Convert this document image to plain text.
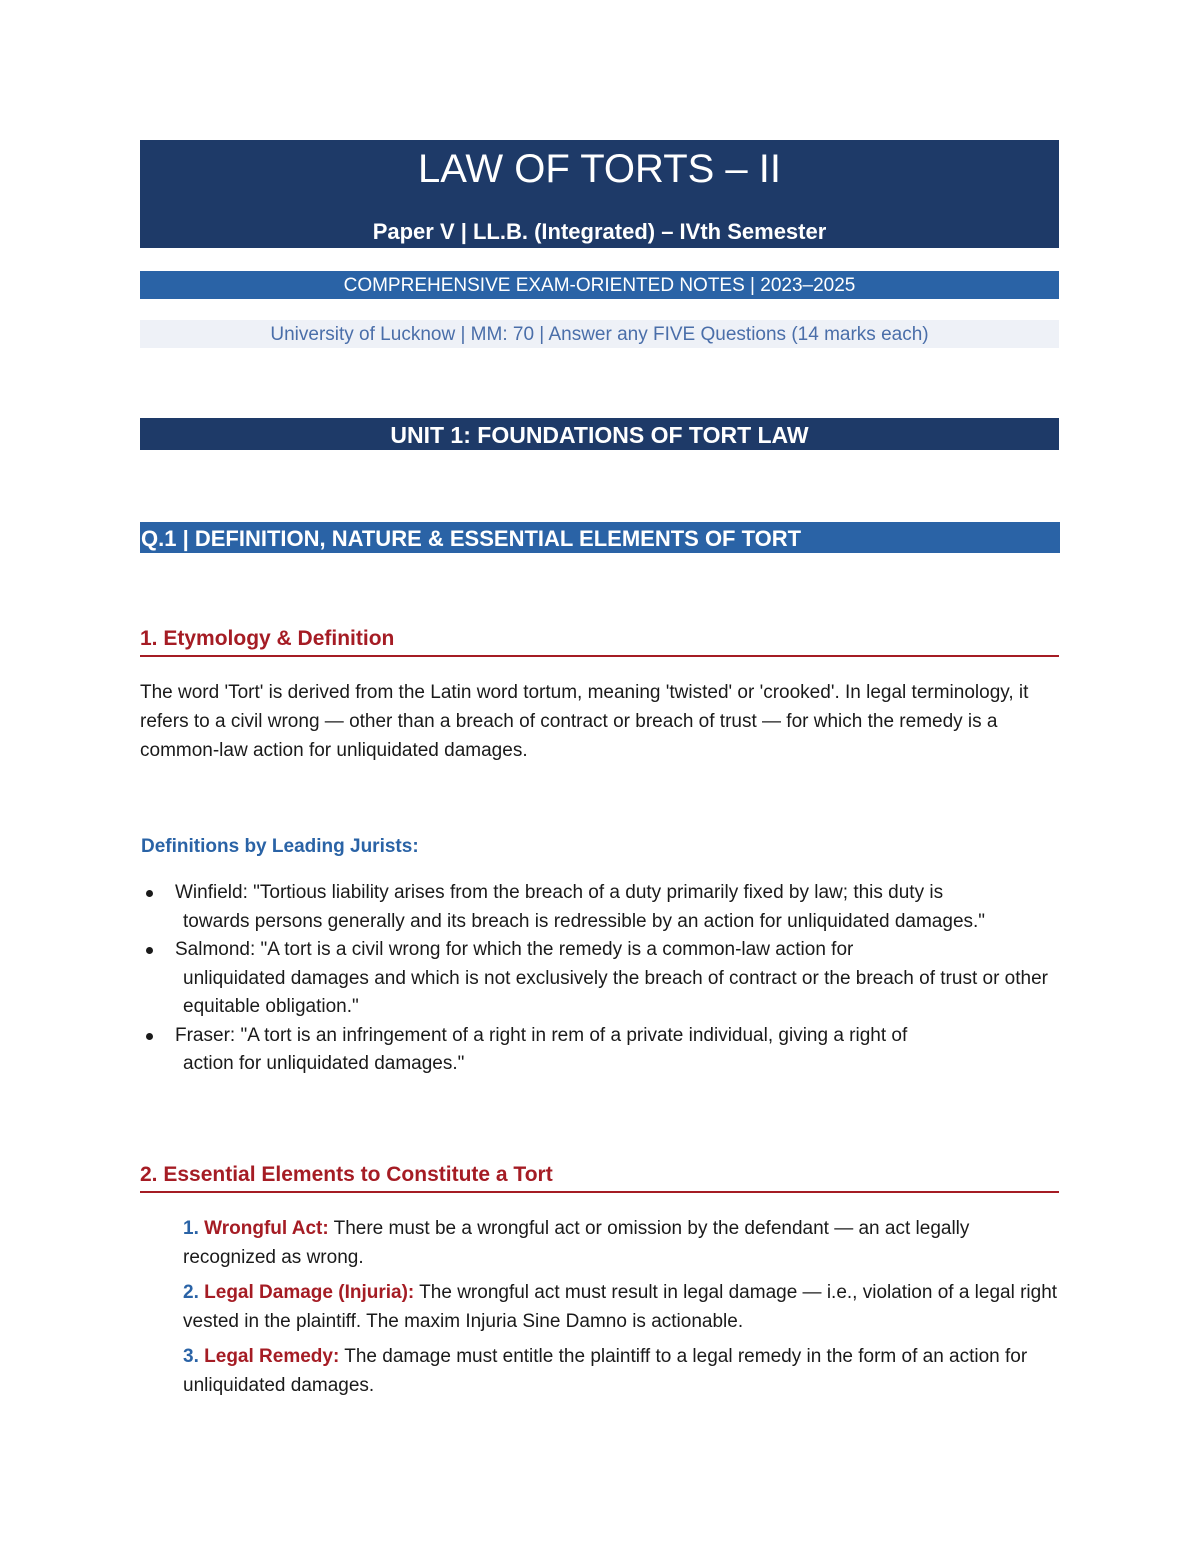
LAW OF TORTS – II
Paper V | LL.B. (Integrated) – IVth Semester
COMPREHENSIVE EXAM-ORIENTED NOTES | 2023–2025
University of Lucknow | MM: 70 | Answer any FIVE Questions (14 marks each)
UNIT 1: FOUNDATIONS OF TORT LAW
Q.1 | DEFINITION, NATURE & ESSENTIAL ELEMENTS OF TORT
1. Etymology & Definition
The word 'Tort' is derived from the Latin word tortum, meaning 'twisted' or 'crooked'. In legal terminology, it refers to a civil wrong — other than a breach of contract or breach of trust — for which the remedy is a common-law action for unliquidated damages.
Definitions by Leading Jurists:
Winfield: "Tortious liability arises from the breach of a duty primarily fixed by law; this duty is
towards persons generally and its breach is redressible by an action for unliquidated damages."
Salmond: "A tort is a civil wrong for which the remedy is a common-law action for
unliquidated damages and which is not exclusively the breach of contract or the breach of trust or other equitable obligation."
Fraser: "A tort is an infringement of a right in rem of a private individual, giving a right of
action for unliquidated damages."
2. Essential Elements to Constitute a Tort
1. Wrongful Act: There must be a wrongful act or omission by the defendant — an act legally recognized as wrong.
2. Legal Damage (Injuria): The wrongful act must result in legal damage — i.e., violation of a legal right vested in the plaintiff. The maxim Injuria Sine Damno is actionable.
3. Legal Remedy: The damage must entitle the plaintiff to a legal remedy in the form of an action for unliquidated damages.
